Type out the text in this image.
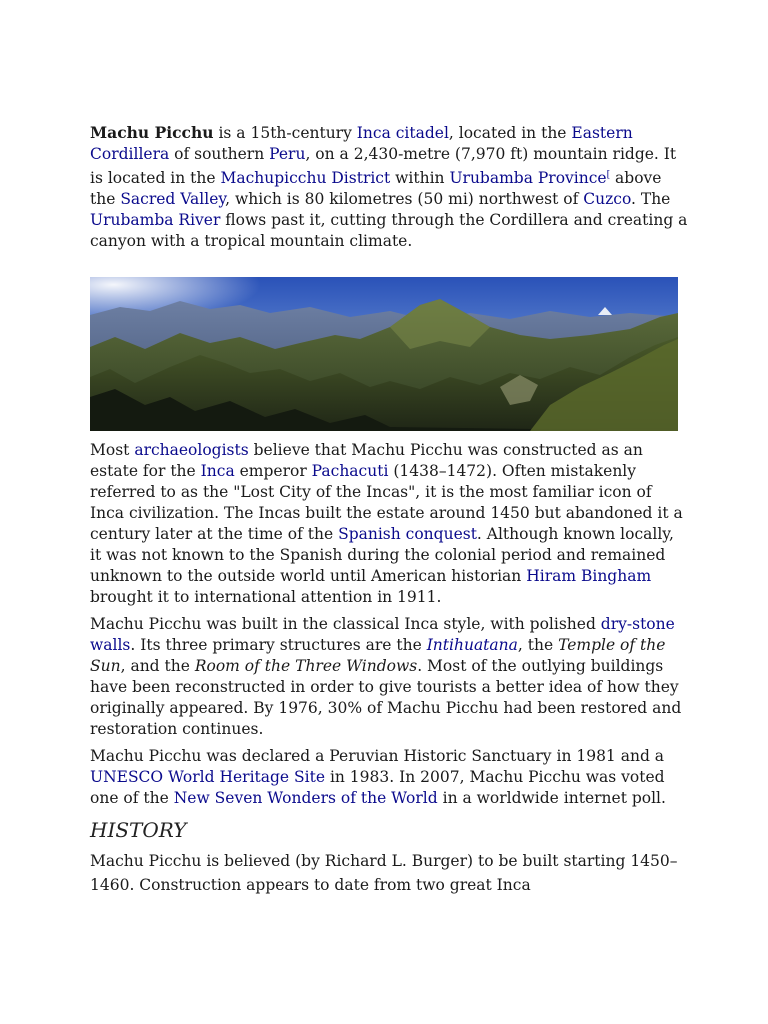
Machu Picchu is a 15th-century Inca citadel, located in the Eastern Cordillera of southern Peru, on a 2,430-metre (7,970 ft) mountain ridge. It is located in the Machupicchu District within Urubamba Province[ above the Sacred Valley, which is 80 kilometres (50 mi) northwest of Cuzco. The Urubamba River flows past it, cutting through the Cordillera and creating a canyon with a tropical mountain climate.

Most archaeologists believe that Machu Picchu was constructed as an estate for the Inca emperor Pachacuti (1438–1472). Often mistakenly referred to as the "Lost City of the Incas", it is the most familiar icon of Inca civilization. The Incas built the estate around 1450 but abandoned it a century later at the time of the Spanish conquest. Although known locally, it was not known to the Spanish during the colonial period and remained unknown to the outside world until American historian Hiram Bingham brought it to international attention in 1911.

Machu Picchu was built in the classical Inca style, with polished dry-stone walls. Its three primary structures are the Intihuatana, the Temple of the Sun, and the Room of the Three Windows. Most of the outlying buildings have been reconstructed in order to give tourists a better idea of how they originally appeared. By 1976, 30% of Machu Picchu had been restored and restoration continues.

Machu Picchu was declared a Peruvian Historic Sanctuary in 1981 and a UNESCO World Heritage Site in 1983. In 2007, Machu Picchu was voted one of the New Seven Wonders of the World in a worldwide internet poll.

HISTORY

Machu Picchu is believed (by Richard L. Burger) to be built starting 1450–1460. Construction appears to date from two great Inca
